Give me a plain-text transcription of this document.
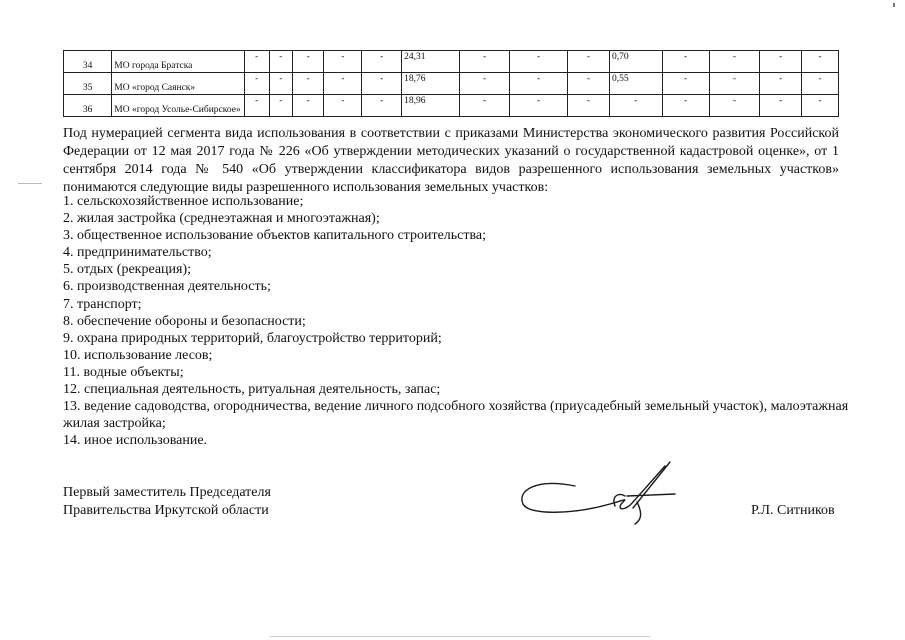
34	МО города Братска	-	-	-	-	-	24,31	-	-	-	0,70	-	-	-	-
35	МО «город Саянск»	-	-	-	-	-	18,76	-	-	-	0,55	-	-	-	-
36	МО «город Усолье-Сибирское»	-	-	-	-	-	18,96	-	-	-	-	-	-	-	-
Под нумерацией сегмента вида использования в соответствии с приказами Министерства экономического развития Российской Федерации от 12 мая 2017 года № 226 «Об утверждении методических указаний о государственной кадастровой оценке», от 1 сентября 2014 года № 540 «Об утверждении классификатора видов разрешенного использования земельных участков» понимаются следующие виды разрешенного использования земельных участков:

1. сельскохозяйственное использование;

2. жилая застройка (среднеэтажная и многоэтажная);

3. общественное использование объектов капитального строительства;

4. предпринимательство;

5. отдых (рекреация);

6. производственная деятельность;

7. транспорт;

8. обеспечение обороны и безопасности;

9. охрана природных территорий, благоустройство территорий;

10. использование лесов;

11. водные объекты;

12. специальная деятельность, ритуальная деятельность, запас;

13. ведение садоводства, огородничества, ведение личного подсобного хозяйства (приусадебный земельный участок), малоэтажная жилая застройка;

14. иное использование.

Первый заместитель Председателя
Правительства Иркутской области	Р.Л. Ситников
